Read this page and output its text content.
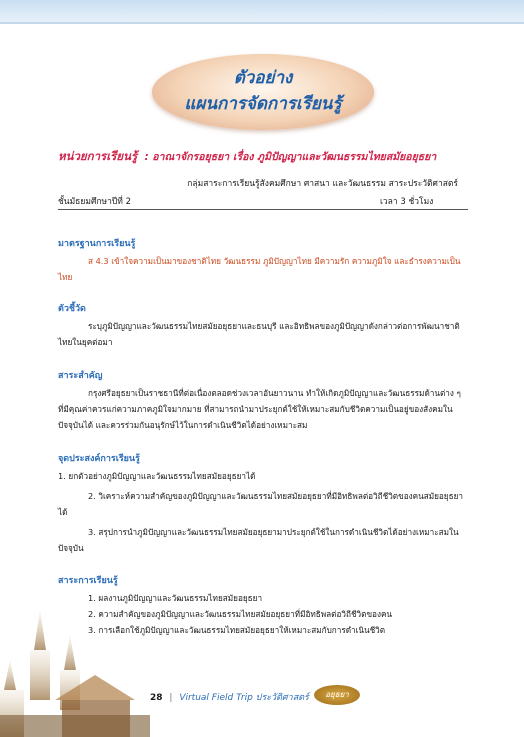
ตัวอย่าง
แผนการจัดการเรียนรู้
หน่วยการเรียนรู้ : อาณาจักรอยุธยา เรื่อง ภูมิปัญญาและวัฒนธรรมไทยสมัยอยุธยา
กลุ่มสาระการเรียนรู้สังคมศึกษา ศาสนา และวัฒนธรรม สาระประวัติศาสตร์
ชั้นมัธยมศึกษาปีที่ 2	เวลา 3 ชั่วโมง
มาตรฐานการเรียนรู้
ส 4.3 เข้าใจความเป็นมาของชาติไทย วัฒนธรรม ภูมิปัญญาไทย มีความรัก ความภูมิใจ และธำรงความเป็นไทย
ตัวชี้วัด
ระบุภูมิปัญญาและวัฒนธรรมไทยสมัยอยุธยาและธนบุรี และอิทธิพลของภูมิปัญญาดังกล่าวต่อการพัฒนาชาติไทยในยุคต่อมา
สาระสำคัญ
กรุงศรีอยุธยาเป็นราชธานีที่ต่อเนื่องตลอดช่วงเวลาอันยาวนาน ทำให้เกิดภูมิปัญญาและวัฒนธรรมด้านต่าง ๆ ที่มีคุณค่าควรแก่ความภาคภูมิใจมากมาย ที่สามารถนำมาประยุกต์ใช้ให้เหมาะสมกับชีวิตความเป็นอยู่ของสังคมในปัจจุบันได้ และควรร่วมกันอนุรักษ์ไว้ในการดำเนินชีวิตได้อย่างเหมาะสม
จุดประสงค์การเรียนรู้
1. ยกตัวอย่างภูมิปัญญาและวัฒนธรรมไทยสมัยอยุธยาได้
2. วิเคราะห์ความสำคัญของภูมิปัญญาและวัฒนธรรมไทยสมัยอยุธยาที่มีอิทธิพลต่อวิถีชีวิตของคนสมัยอยุธยาได้
3. สรุปการนำภูมิปัญญาและวัฒนธรรมไทยสมัยอยุธยามาประยุกต์ใช้ในการดำเนินชีวิตได้อย่างเหมาะสมในปัจจุบัน
สาระการเรียนรู้
1. ผลงานภูมิปัญญาและวัฒนธรรมไทยสมัยอยุธยา
2. ความสำคัญของภูมิปัญญาและวัฒนธรรมไทยสมัยอยุธยาที่มีอิทธิพลต่อวิถีชีวิตของคน
3. การเลือกใช้ภูมิปัญญาและวัฒนธรรมไทยสมัยอยุธยาให้เหมาะสมกับการดำเนินชีวิต
28 | Virtual Field Trip ประวัติศาสตร์	อยุธยา
